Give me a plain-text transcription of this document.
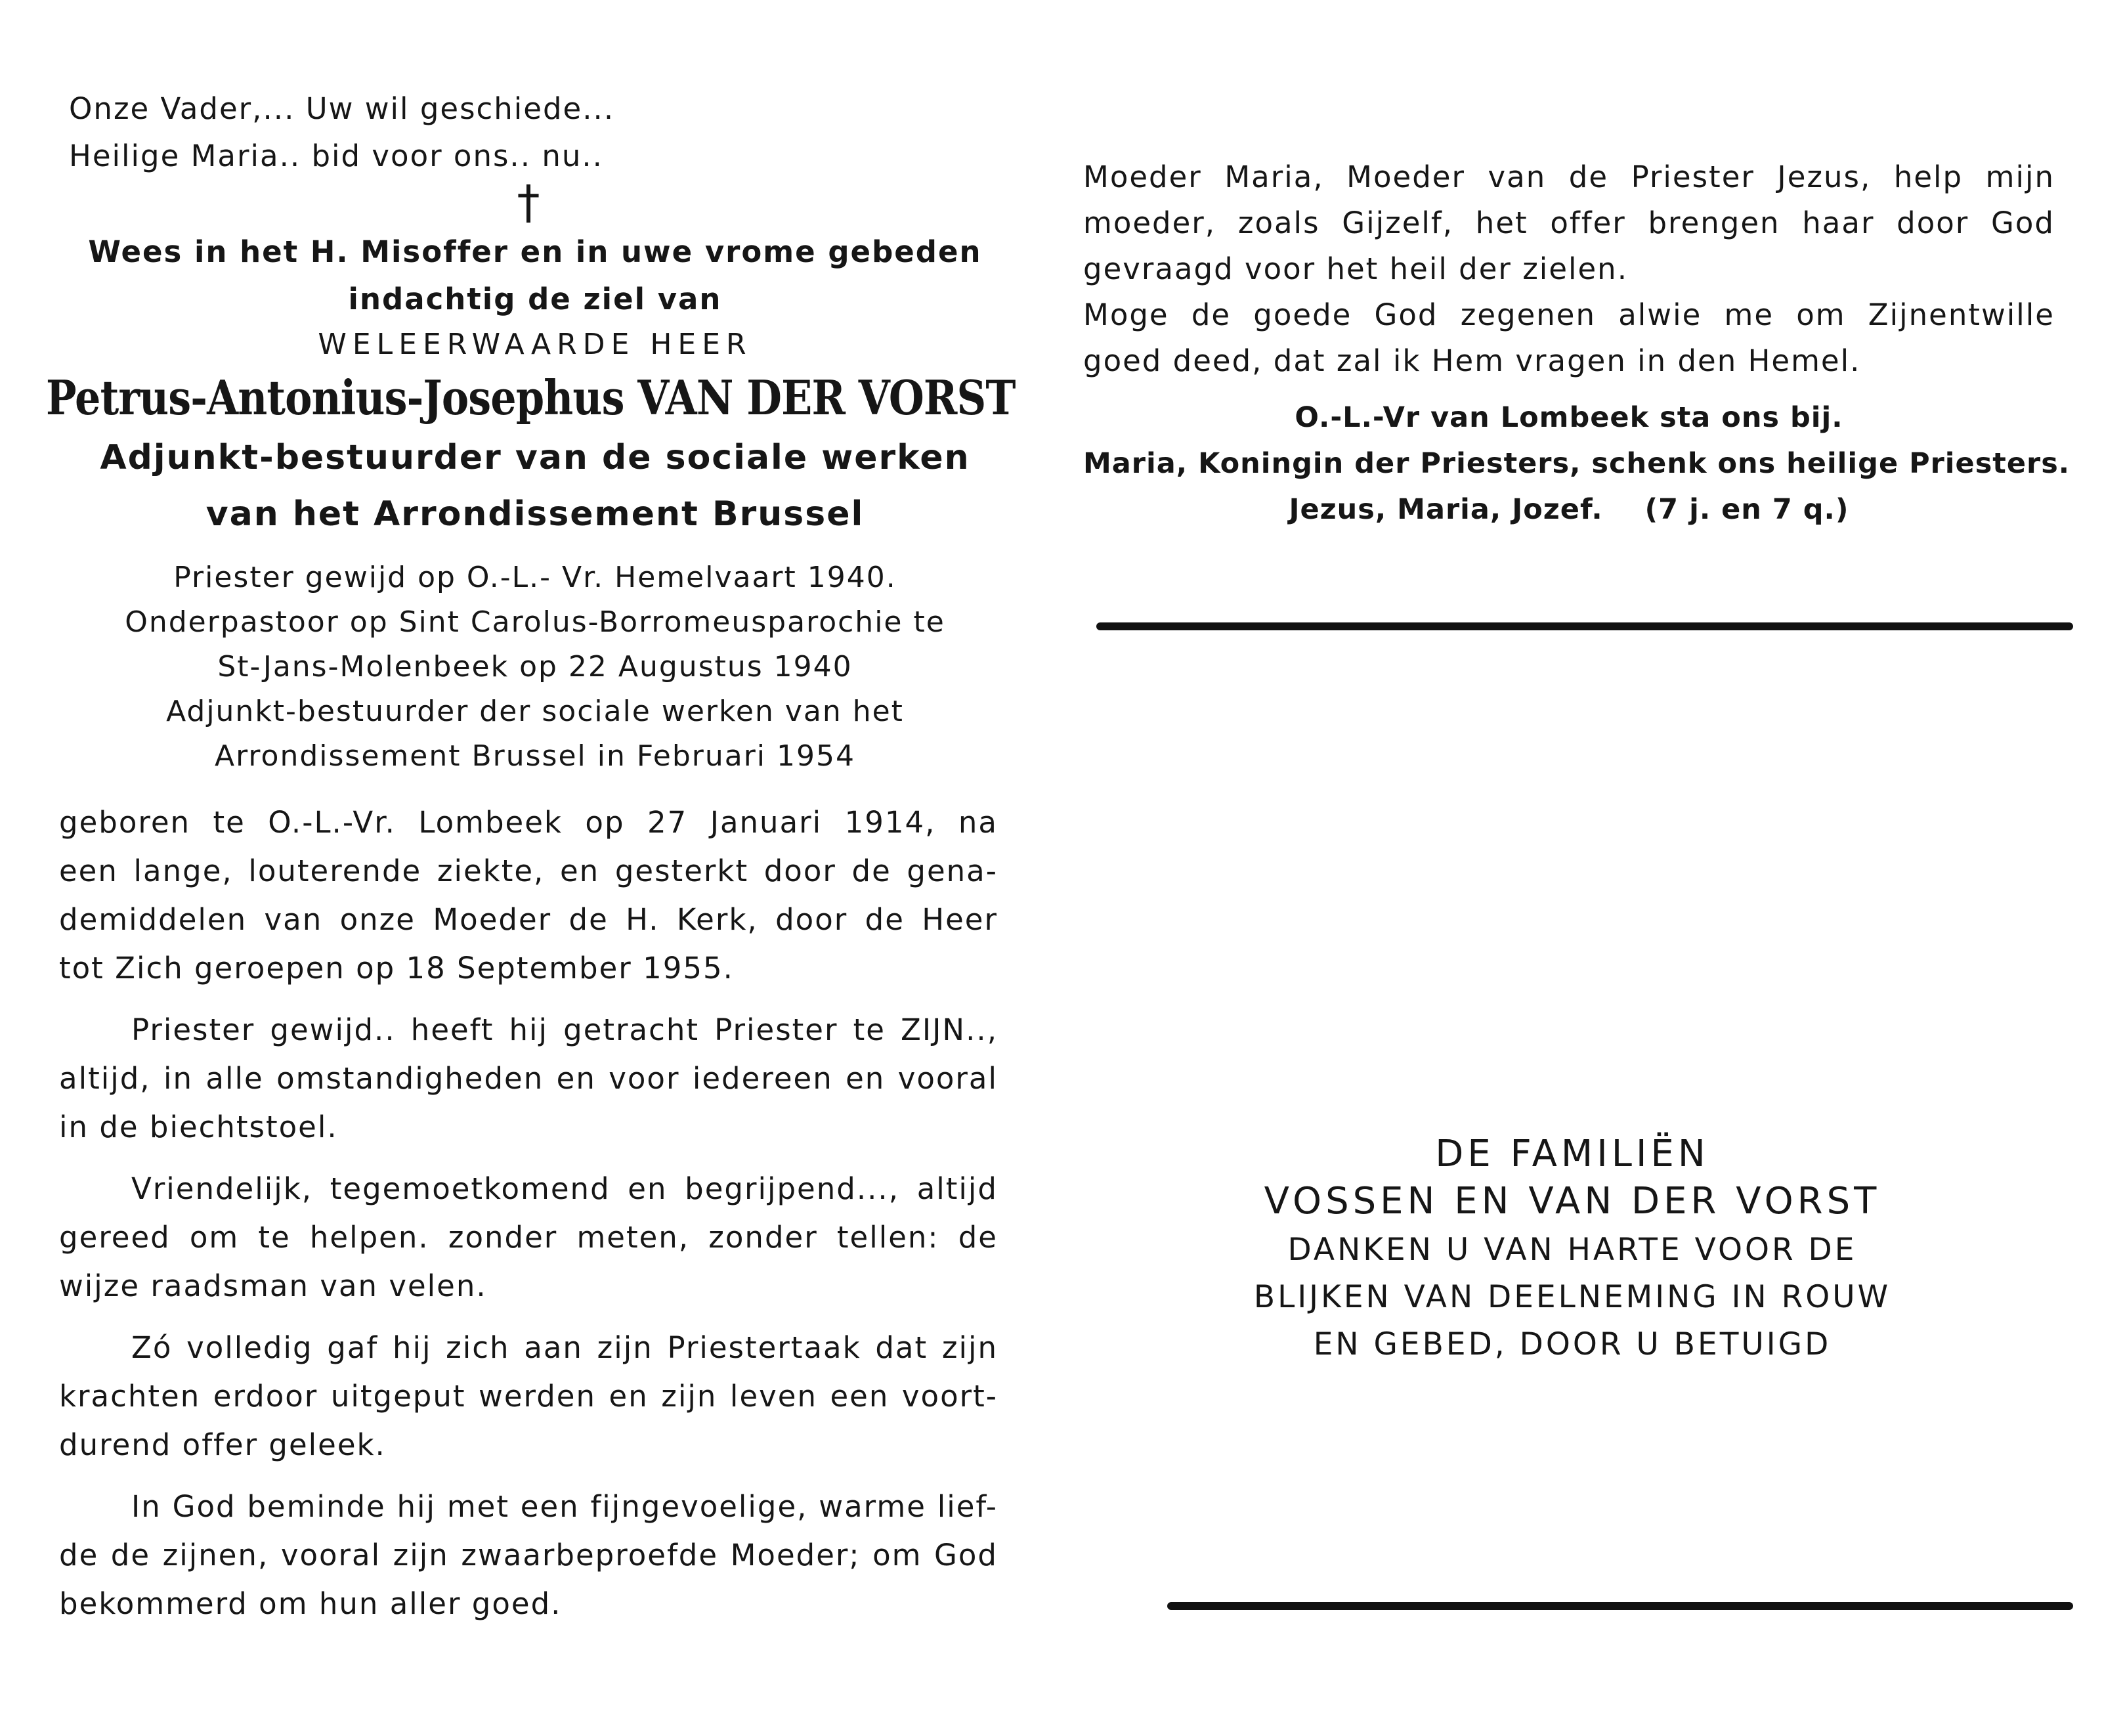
Onze Vader,... Uw wil geschiede...
Heilige Maria.. bid voor ons.. nu..
†
Wees in het H. Misoffer en in uwe vrome gebeden
indachtig de ziel van
WELEERWAARDE HEER
Petrus-Antonius-Josephus VAN DER VORST
Adjunkt-bestuurder van de sociale werken
van het Arrondissement Brussel
Priester gewijd op O.-L.- Vr. Hemelvaart 1940.
Onderpastoor op Sint Carolus-Borromeusparochie te
St-Jans-Molenbeek op 22 Augustus 1940
Adjunkt-bestuurder der sociale werken van het
Arrondissement Brussel in Februari 1954
geboren te O.-L.-Vr. Lombeek op 27 Januari 1914, na
een lange, louterende ziekte, en gesterkt door de gena-
demiddelen van onze Moeder de H. Kerk, door de Heer
tot Zich geroepen op 18 September 1955.
Priester gewijd.. heeft hij getracht Priester te ZIJN..,
altijd, in alle omstandigheden en voor iedereen en vooral
in de biechtstoel.
Vriendelijk, tegemoetkomend en begrijpend..., altijd
gereed om te helpen. zonder meten, zonder tellen: de
wijze raadsman van velen.
Zó volledig gaf hij zich aan zijn Priestertaak dat zijn
krachten erdoor uitgeput werden en zijn leven een voort-
durend offer geleek.
In God beminde hij met een fijngevoelige, warme lief-
de de zijnen, vooral zijn zwaarbeproefde Moeder; om God
bekommerd om hun aller goed.
Moeder Maria, Moeder van de Priester Jezus, help mijn
moeder, zoals Gijzelf, het offer brengen haar door God
gevraagd voor het heil der zielen.
Moge de goede God zegenen alwie me om Zijnentwille
goed deed, dat zal ik Hem vragen in den Hemel.
O.-L.-Vr van Lombeek sta ons bij.
Maria, Koningin der Priesters, schenk ons heilige Priesters.
Jezus, Maria, Jozef.    (7 j. en 7 q.)
DE FAMILIËN
VOSSEN EN VAN DER VORST
DANKEN U VAN HARTE VOOR DE
BLIJKEN VAN DEELNEMING IN ROUW
EN GEBED, DOOR U BETUIGD
